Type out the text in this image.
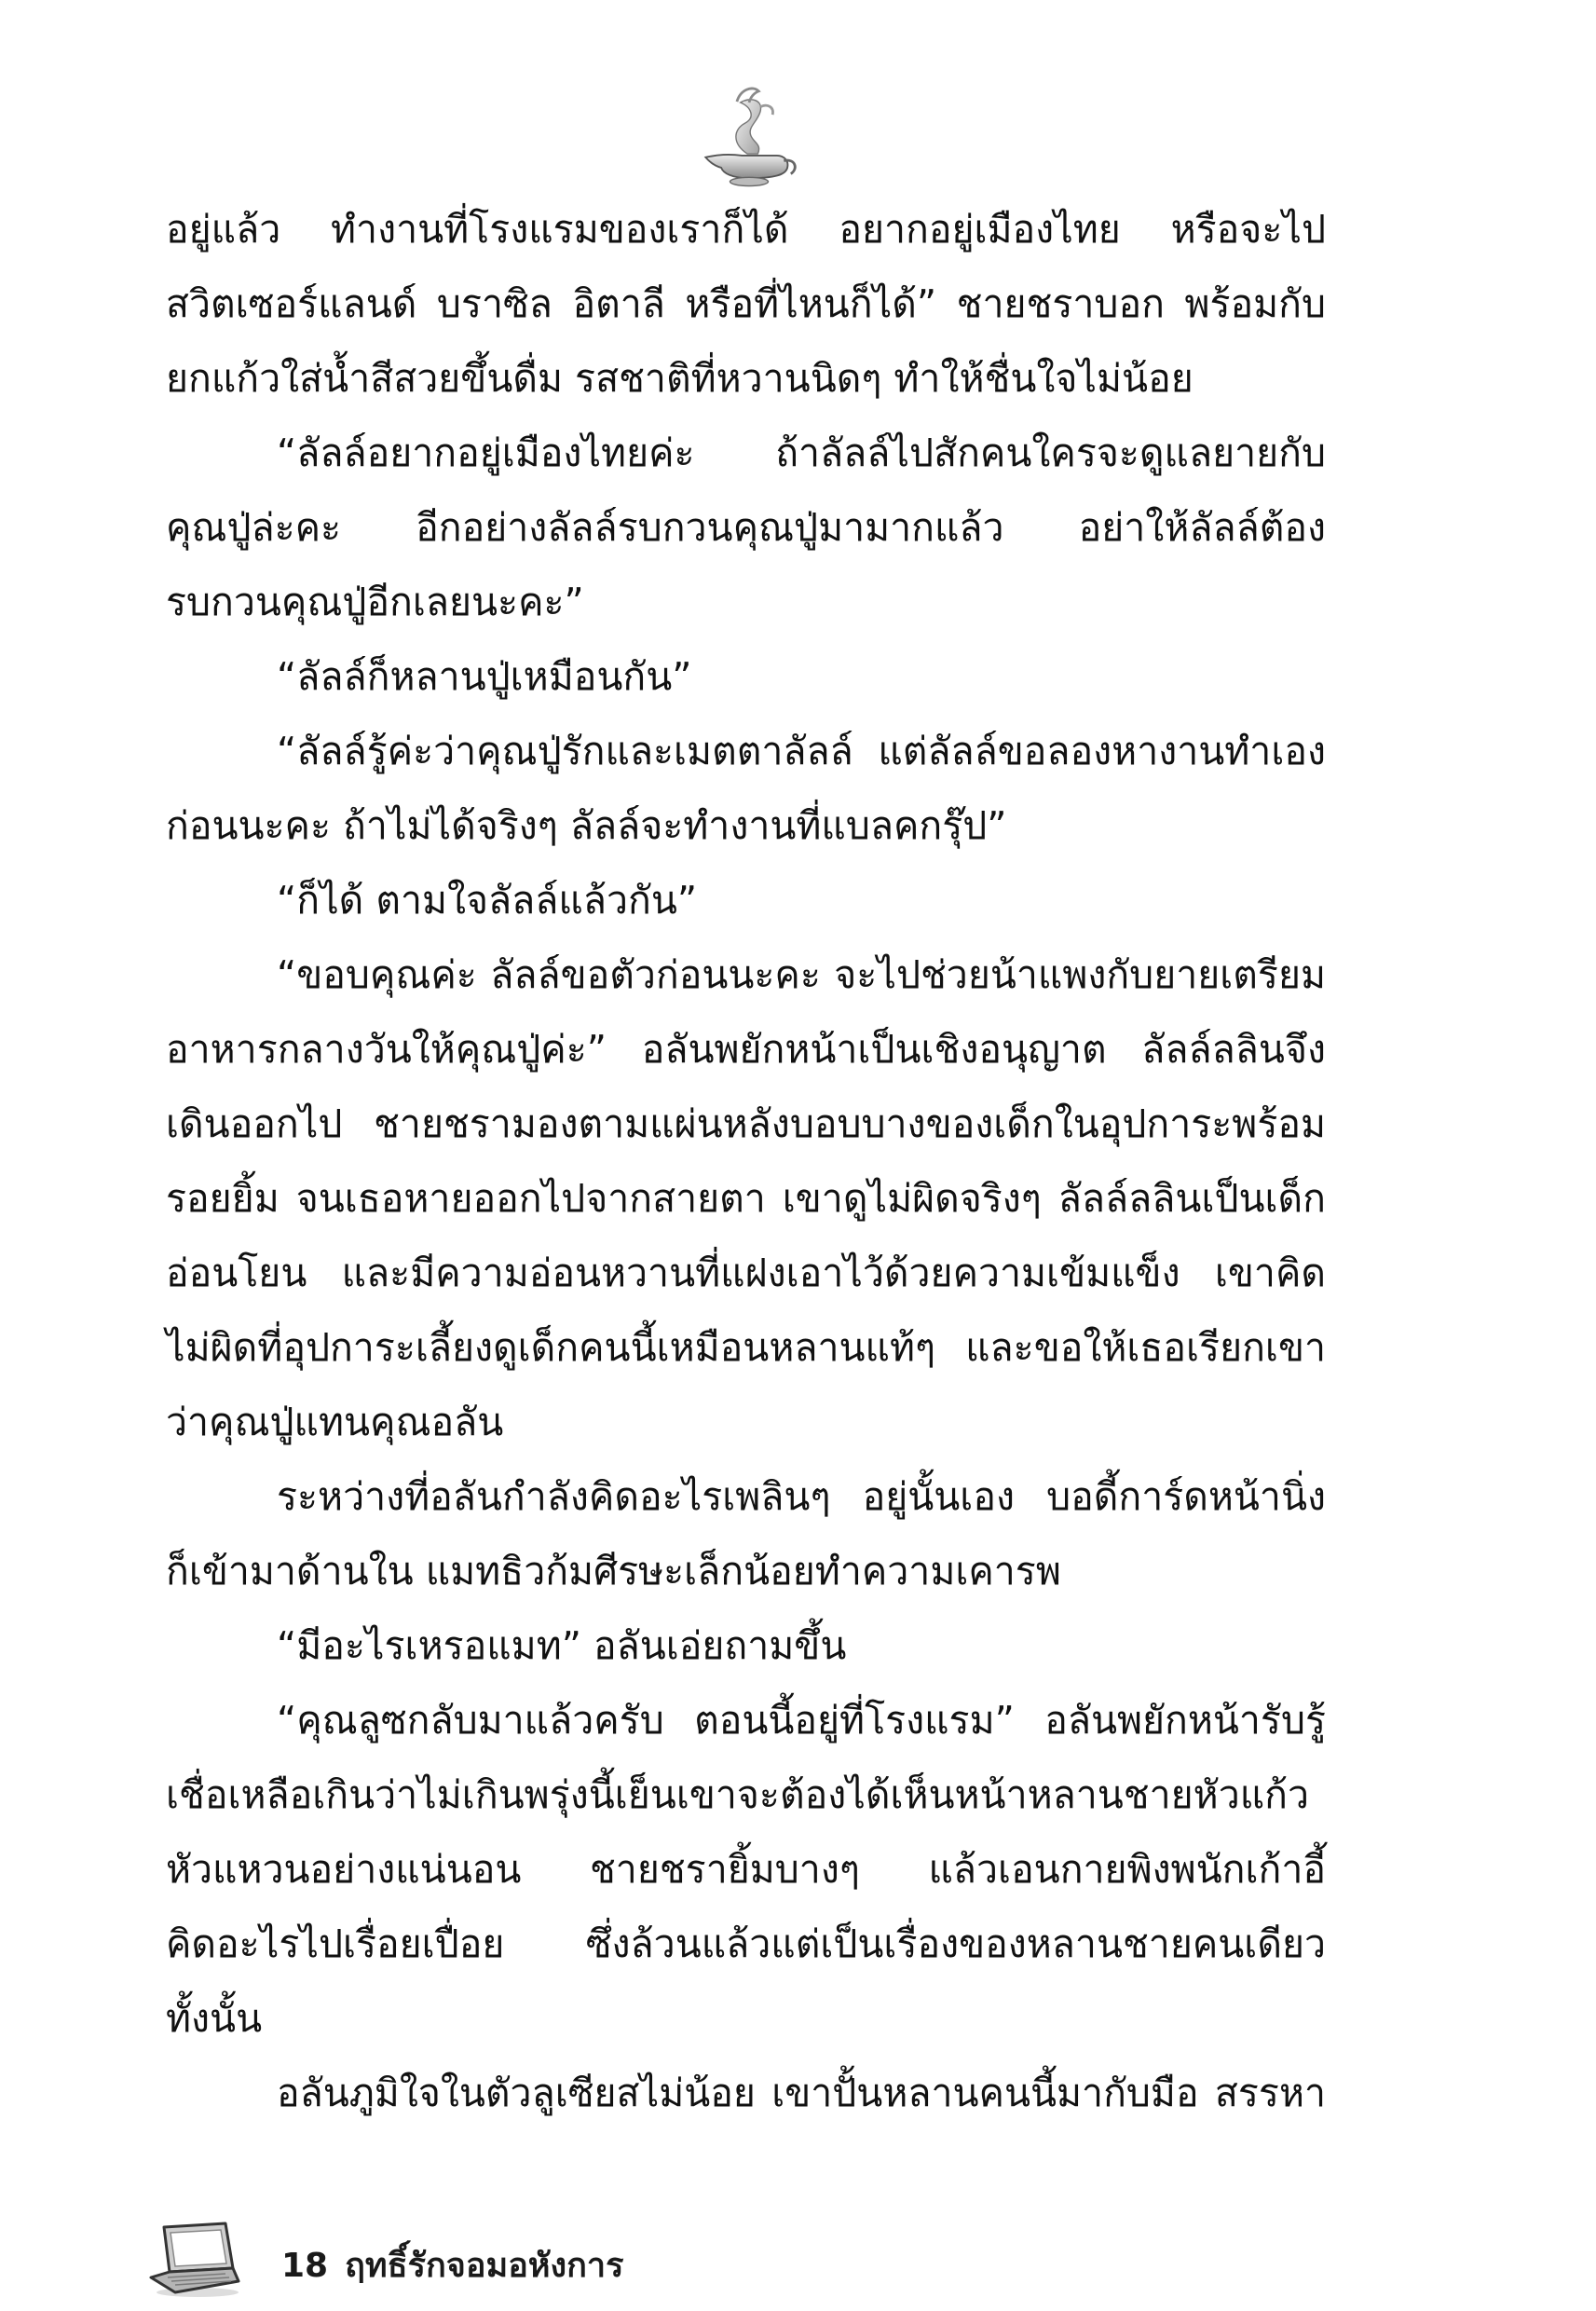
อยู่แล้ว ทำงานที่โรงแรมของเราก็ได้ อยากอยู่เมืองไทย หรือจะไป
สวิตเซอร์แลนด์ บราซิล อิตาลี หรือที่ไหนก็ได้” ชายชราบอก พร้อมกับ
ยกแก้วใส่น้ำสีสวยขึ้นดื่ม รสชาติที่หวานนิดๆ ทำให้ชื่นใจไม่น้อย
“ลัลล์อยากอยู่เมืองไทยค่ะ ถ้าลัลล์ไปสักคนใครจะดูแลยายกับ
คุณปู่ล่ะคะ อีกอย่างลัลล์รบกวนคุณปู่มามากแล้ว อย่าให้ลัลล์ต้อง
รบกวนคุณปู่อีกเลยนะคะ”
“ลัลล์ก็หลานปู่เหมือนกัน”
“ลัลล์รู้ค่ะว่าคุณปู่รักและเมตตาลัลล์ แต่ลัลล์ขอลองหางานทำเอง
ก่อนนะคะ ถ้าไม่ได้จริงๆ ลัลล์จะทำงานที่แบลคกรุ๊ป”
“ก็ได้ ตามใจลัลล์แล้วกัน”
“ขอบคุณค่ะ ลัลล์ขอตัวก่อนนะคะ จะไปช่วยน้าแพงกับยายเตรียม
อาหารกลางวันให้คุณปู่ค่ะ” อลันพยักหน้าเป็นเชิงอนุญาต ลัลล์ลลินจึง
เดินออกไป ชายชรามองตามแผ่นหลังบอบบางของเด็กในอุปการะพร้อม
รอยยิ้ม จนเธอหายออกไปจากสายตา เขาดูไม่ผิดจริงๆ ลัลล์ลลินเป็นเด็ก
อ่อนโยน และมีความอ่อนหวานที่แฝงเอาไว้ด้วยความเข้มแข็ง เขาคิด
ไม่ผิดที่อุปการะเลี้ยงดูเด็กคนนี้เหมือนหลานแท้ๆ และขอให้เธอเรียกเขา
ว่าคุณปู่แทนคุณอลัน
ระหว่างที่อลันกำลังคิดอะไรเพลินๆ อยู่นั้นเอง บอดี้การ์ดหน้านิ่ง
ก็เข้ามาด้านใน แมทธิวก้มศีรษะเล็กน้อยทำความเคารพ
“มีอะไรเหรอแมท” อลันเอ่ยถามขึ้น
“คุณลูซกลับมาแล้วครับ ตอนนี้อยู่ที่โรงแรม” อลันพยักหน้ารับรู้
เชื่อเหลือเกินว่าไม่เกินพรุ่งนี้เย็นเขาจะต้องได้เห็นหน้าหลานชายหัวแก้ว
หัวแหวนอย่างแน่นอน ชายชรายิ้มบางๆ แล้วเอนกายพิงพนักเก้าอี้
คิดอะไรไปเรื่อยเปื่อย ซึ่งล้วนแล้วแต่เป็นเรื่องของหลานชายคนเดียว
ทั้งนั้น
อลันภูมิใจในตัวลูเซียสไม่น้อย เขาปั้นหลานคนนี้มากับมือ สรรหา
18 ฤทธิ์รักจอมอหังการ
